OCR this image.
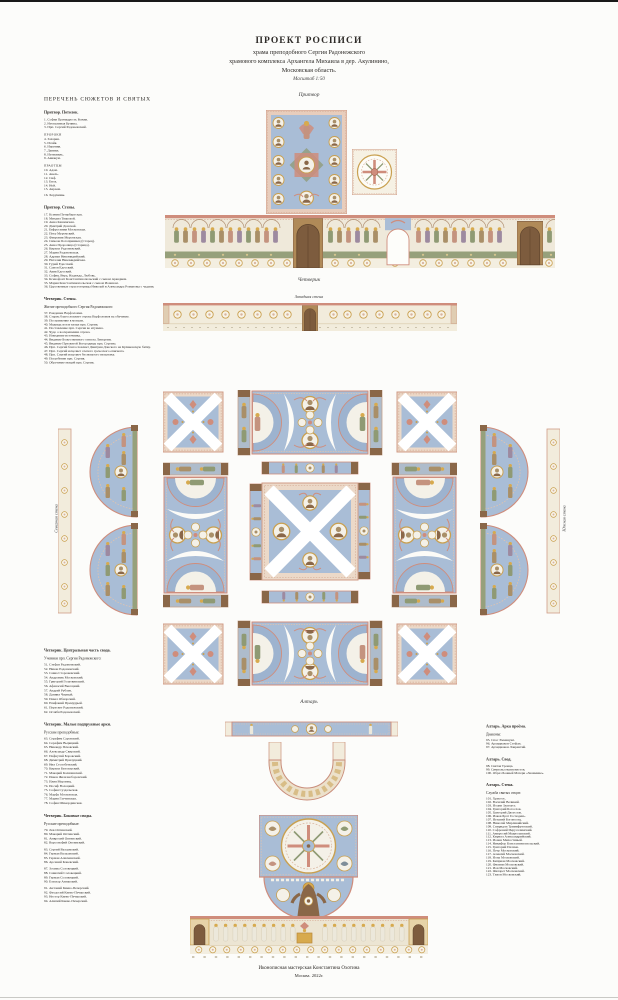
ПРОЕКТ РОСПИСИ
храма преподобного Сергия Радонежского
храмового комплекса Архангела Михаила в дер. Акулинино,
Московская область.
Масштаб 1:50
Притвор
Четверик
Западная стена
Северная стена	Южная стена
Алтарь
ПЕРЕЧЕНЬ СЮЖЕТОВ И СВЯТЫХ
Притвор. Потолок.
1. София Премудрость Божия.
2. Неопалимая Купина.
3. Прп. Сергий Радонежский.
ПРОРОКИ
4. Захария.
5. Исайя.
6. Иеремия.
7. Даниил.
8. Иезекииль.
9. Аввакум.
ПРАОТЦЫ
10. Адам.
11. Авель.
12. Сиф.
13. Енох.
14. Ной.
15. Авраам.
16. Херувимы.
Притвор. Стены.
17. Ксения Петербургская.
18. Михаил Тверской.
19. Анна Кашинская.
20. Дмитрий Донской.
21. Евфросиния Московская.
22. Петр Муромский.
23. Феврония Муромская.
24. Симеон Богоприимец (Старец).
25. Анна Пророчица (Старица).
26. Кирилл Радонежский.
27. Мария Радонежская.
28. Адриан Никомидийский.
29. Наталия Никомидийская.
30. Гурий Едесский.
31. Самон Едесский.
32. Авив Едесский.
33. София, Вера, Надежда, Любовь.
34. Ксенофонт Константинопольский с сыном Аркадием.
35. Мария Константинопольская с сыном Иоанном.
36. Царственные страстотерпцы Николай и Александра Романовы с чадами.
Четверик. Стены.
Житие преподобного Сергия Радонежского:
37. Рождение Варфоломея.
38. Старец благословляет отрока Варфоломея на обучение.
39. Пострижение в монахи.
40. Медведь возле кельи прп. Сергия.
41. Поставление прп. Сергия во игумена.
42. Чудо о воскрешении отрока.
43. Изведение источника.
44. Видение Божественного огня на Литургии.
45. Видение Пресвятой Богородицы прп. Сергию.
46. Прп. Сергий благословляет Дмитрия Донского на Куликовскую битву.
47. Прп. Сергий исцеляет слепого греческого епископа.
48. Прп. Сергий исцеляет бесноватого вельможу.
49. Погребение прп. Сергия.
50. Обретение мощей прп. Сергия.
Четверик. Центральная часть свода.
Ученики прп. Сергия Радонежского:
51. Стефан Радонежский.
52. Никон Радонежский.
53. Савва Сторожевский.
54. Андроник Московский.
55. Григорий Голутвинский.
56. Афанасий Высоцкий.
57. Андрей Рублев.
58. Даниил Черный.
59. Павел Обнорский.
60. Епифаний Премудрый.
61. Пересвет Радонежский.
62. Ослябя Радонежский.
Четверик. Малые подпружные арки.
Русские преподобные:
63. Серафим Саровский.
64. Серафим Вырицкий.
65. Никандр Псковский.
66. Александр Свирский.
67. Пафнутий Боровский.
68. Димитрий Прилуцкий.
69. Нил Столобенский.
70. Кирилл Белозерский.
71. Макарий Калязинский.
72. Иаков Железноборовский.
73. Илия Муромец.
74. Иосиф Волоцкий.
75. София Суздальская.
76. Марфа Московская.
77. Мария Гатчинская.
78. София Шамординская.
Четверик. Боковые своды.
Русские преподобные:
79. Лев Оптинский.
80. Макарий Оптинский.
81. Амвросий Оптинский.
82. Варсонофий Оптинский.
83. Сергий Валаамский.
84. Герман Валаамский.
85. Герман Аляскинский.
86. Арсений Коневский.
87. Зосима Соловецкий.
88. Савватий Соловецкий.
89. Герман Соловецкий.
90. Елеазар Анзерский.
91. Антоний Киево-Печерский.
92. Феодосий Киево-Печерский.
93. Нестор Киево-Печерский.
94. Алипий Киево-Печерский.
Алтарь. Арка проёма.
Диаконы:
95. Спас Эммануил.
96. Архидиакон Стефан.
97. Архидиакон Лаврентий.
Алтарь. Свод.
98. Святая Троица.
99. Символы евангелистов.
100. Образ Божией Матери «Знамение».
Алтарь. Стена.
Служба святых отцов:
101. Христос.
102. Василий Великий.
103. Иоанн Златоуст.
104. Григорий Богослов.
105. Григорий Двоеслов.
106. Иаков Брат Господень.
107. Игнатий Богоносец.
108. Николай Мирликийский.
109. Спиридон Тримифунтский.
110. Софроний Иерусалимский.
111. Амвросий Медиоланский.
112. Кирилл Александрийский.
113. Иоанн Милостивый.
114. Никифор Константинопольский.
115. Григорий Палама.
116. Петр Московский.
117. Алексий Московский.
118. Иона Московский.
119. Киприан Московский.
120. Филипп Московский.
121. Иов Московский.
122. Филарет Московский.
123. Тихон Московский.
Иконописная мастерская Константина Охотина
Москва. 2022г.
